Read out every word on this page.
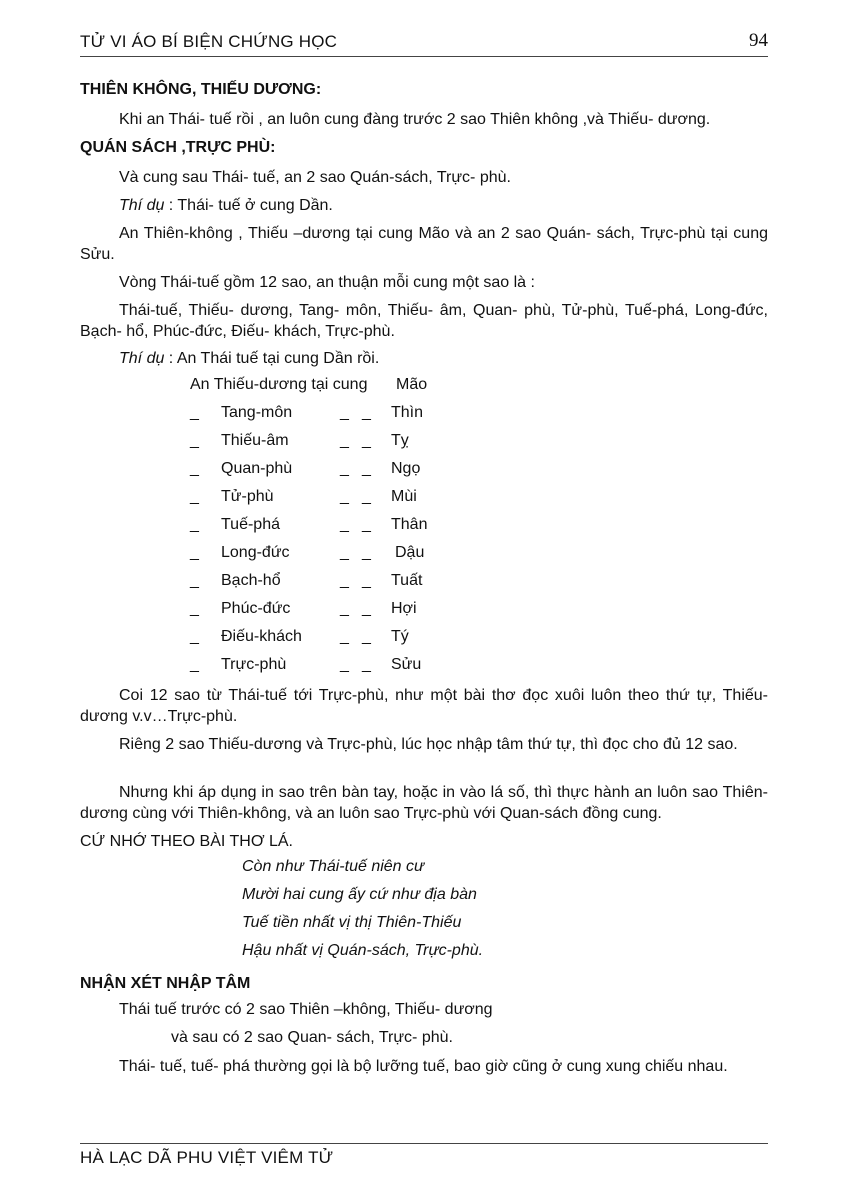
TỬ VI ÁO BÍ BIỆN CHỨNG HỌC	94
THIÊN KHÔNG, THIẾU DƯƠNG:
Khi an Thái- tuế rồi , an luôn cung đàng trước 2 sao Thiên không ,và Thiếu- dương.
QUÁN SÁCH ,TRỰC PHÙ:
Và cung sau Thái- tuế, an 2 sao Quán-sách, Trực- phù.
Thí dụ : Thái- tuế ở cung Dần.
An Thiên-không , Thiếu –dương tại cung Mão và an 2 sao Quán- sách, Trực-phù tại cung Sửu.
Vòng Thái-tuế gồm 12 sao, an thuận mỗi cung một sao là :
Thái-tuế, Thiếu- dương, Tang- môn, Thiếu- âm, Quan- phù, Tử-phù, Tuế-phá, Long-đức, Bạch- hổ, Phúc-đức, Điếu- khách, Trực-phù.
Thí dụ : An Thái tuế tại cung Dần rồi.
An Thiếu-dương tại cung Mão
_ Tang-môn	_ _ Thìn
_ Thiếu-âm	_ _ Tỵ
_ Quan-phù	_ _ Ngọ
_ Tử-phù	_ _ Mùi
_ Tuế-phá	_ _ Thân
_ Long-đức	_ _ Dậu
_ Bạch-hổ	_ _ Tuất
_ Phúc-đức	_ _ Hợi
_ Điếu-khách _ _ Tý
_ Trực-phù	_ _ Sửu
Coi 12 sao từ Thái-tuế tới Trực-phù, như một bài thơ đọc xuôi luôn theo thứ tự, Thiếu- dương v.v…Trực-phù.
Riêng 2 sao Thiếu-dương và Trực-phù, lúc học nhập tâm thứ tự, thì đọc cho đủ 12 sao.
Nhưng khi áp dụng in sao trên bàn tay, hoặc in vào lá số, thì thực hành an luôn sao Thiên-dương cùng với Thiên-không, và an luôn sao Trực-phù với Quan-sách đồng cung.
CỨ NHỚ THEO BÀI THƠ LÁ.
Còn như Thái-tuế niên cư
Mười hai cung ấy cứ như địa bàn
Tuế tiền nhất vị thị Thiên-Thiếu
Hậu nhất vị Quán-sách, Trực-phù.
NHẬN XÉT NHẬP TÂM
Thái tuế trước có 2 sao Thiên –không, Thiếu- dương
và sau có 2 sao Quan- sách, Trực- phù.
Thái- tuế, tuế- phá thường gọi là bộ lưỡng tuế, bao giờ cũng ở cung xung chiếu nhau.
HÀ LẠC DÃ PHU VIỆT VIÊM TỬ
